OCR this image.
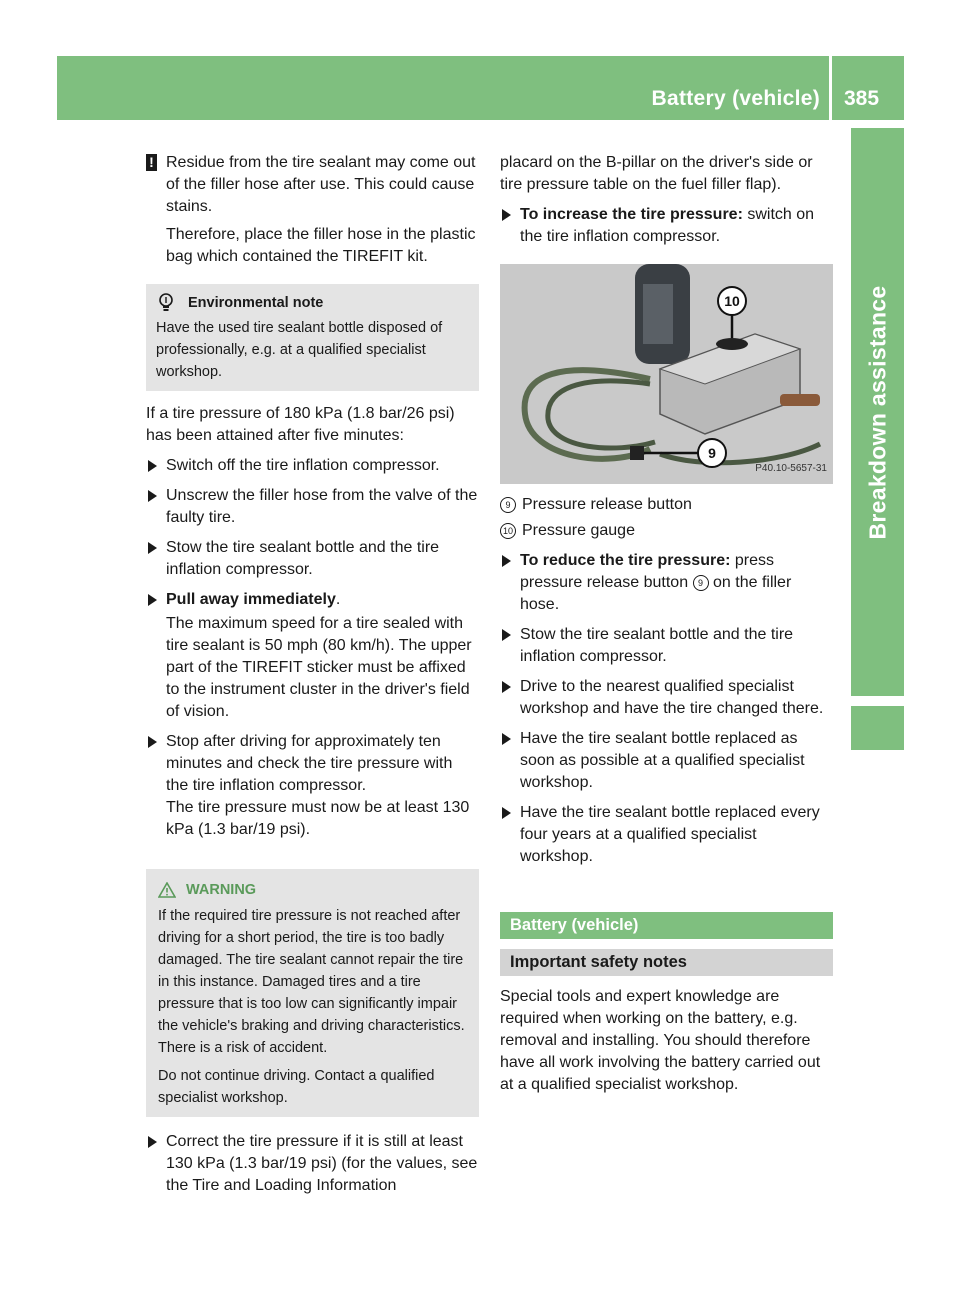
Battery (vehicle) 385
Breakdown assistance
! Residue from the tire sealant may come out of the filler hose after use. This could cause stains.

Therefore, place the filler hose in the plastic bag which contained the TIREFIT kit.

Environmental note

Have the used tire sealant bottle disposed of professionally, e.g. at a qualified specialist workshop.

If a tire pressure of 180 kPa (1.8 bar/26 psi) has been attained after five minutes:

Switch off the tire inflation compressor.
Unscrew the filler hose from the valve of the faulty tire.
Stow the tire sealant bottle and the tire inflation compressor.
Pull away immediately.
The maximum speed for a tire sealed with tire sealant is 50 mph (80 km/h). The upper part of the TIREFIT sticker must be affixed to the instrument cluster in the driver's field of vision.
Stop after driving for approximately ten minutes and check the tire pressure with the tire inflation compressor.
The tire pressure must now be at least 130 kPa (1.3 bar/19 psi).
WARNING

If the required tire pressure is not reached after driving for a short period, the tire is too badly damaged. The tire sealant cannot repair the tire in this instance. Damaged tires and a tire pressure that is too low can significantly impair the vehicle's braking and driving characteristics. There is a risk of accident.

Do not continue driving. Contact a qualified specialist workshop.

Correct the tire pressure if it is still at least 130 kPa (1.3 bar/19 psi) (for the values, see the Tire and Loading Information

placard on the B-pillar on the driver's side or tire pressure table on the fuel filler flap).

To increase the tire pressure: switch on the tire inflation compressor.
10
9
P40.10-5657-31
9 Pressure release button
10 Pressure gauge
To reduce the tire pressure: press pressure release button 9 on the filler hose.
Stow the tire sealant bottle and the tire inflation compressor.
Drive to the nearest qualified specialist workshop and have the tire changed there.
Have the tire sealant bottle replaced as soon as possible at a qualified specialist workshop.
Have the tire sealant bottle replaced every four years at a qualified specialist workshop.
Battery (vehicle)
Important safety notes

Special tools and expert knowledge are required when working on the battery, e.g. removal and installing. You should therefore have all work involving the battery carried out at a qualified specialist workshop.
